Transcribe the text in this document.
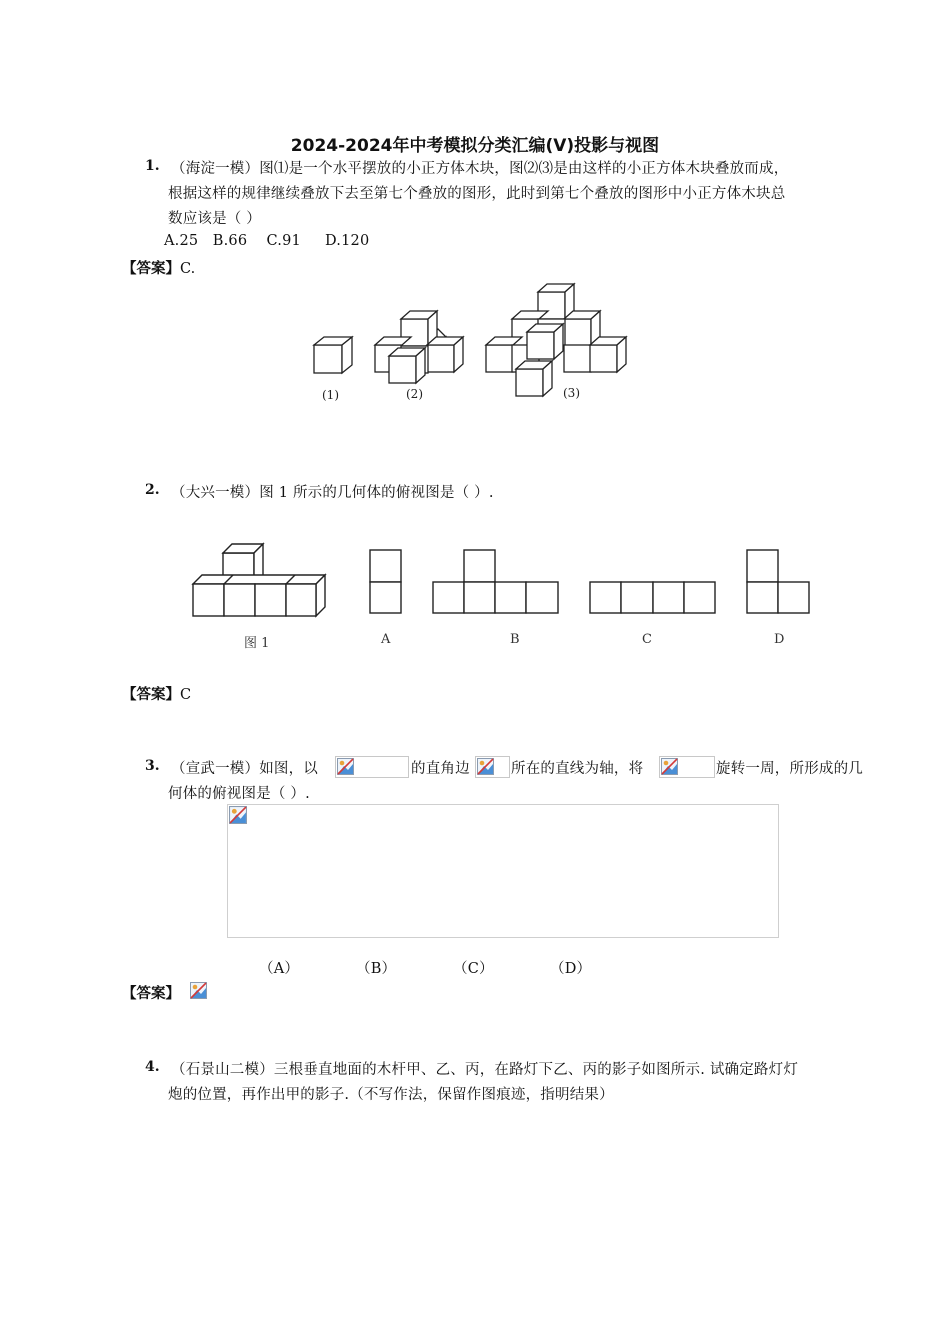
2024-2024年中考模拟分类汇编(V)投影与视图
1. （海淀一模）图⑴是一个水平摆放的小正方体木块，图⑵⑶是由这样的小正方体木块叠放而成，
根据这样的规律继续叠放下去至第七个叠放的图形，此时到第七个叠放的图形中小正方体木块总
数应该是（ ）
A.25   B.66    C.91     D.120
【答案】C.
(1)	(2)	(3)
2. （大兴一模）图 1 所示的几何体的俯视图是（ ）.
图 1	A	B	C	D
【答案】C
3. （宣武一模）如图，以	的直角边	所在的直线为轴，将	旋转一周，所形成的几
何体的俯视图是（ ）.
（A）	（B）	（C）	（D）
【答案】
4. （石景山二模）三根垂直地面的木杆甲、乙、丙，在路灯下乙、丙的影子如图所示. 试确定路灯灯
炮的位置，再作出甲的影子.（不写作法，保留作图痕迹，指明结果）
